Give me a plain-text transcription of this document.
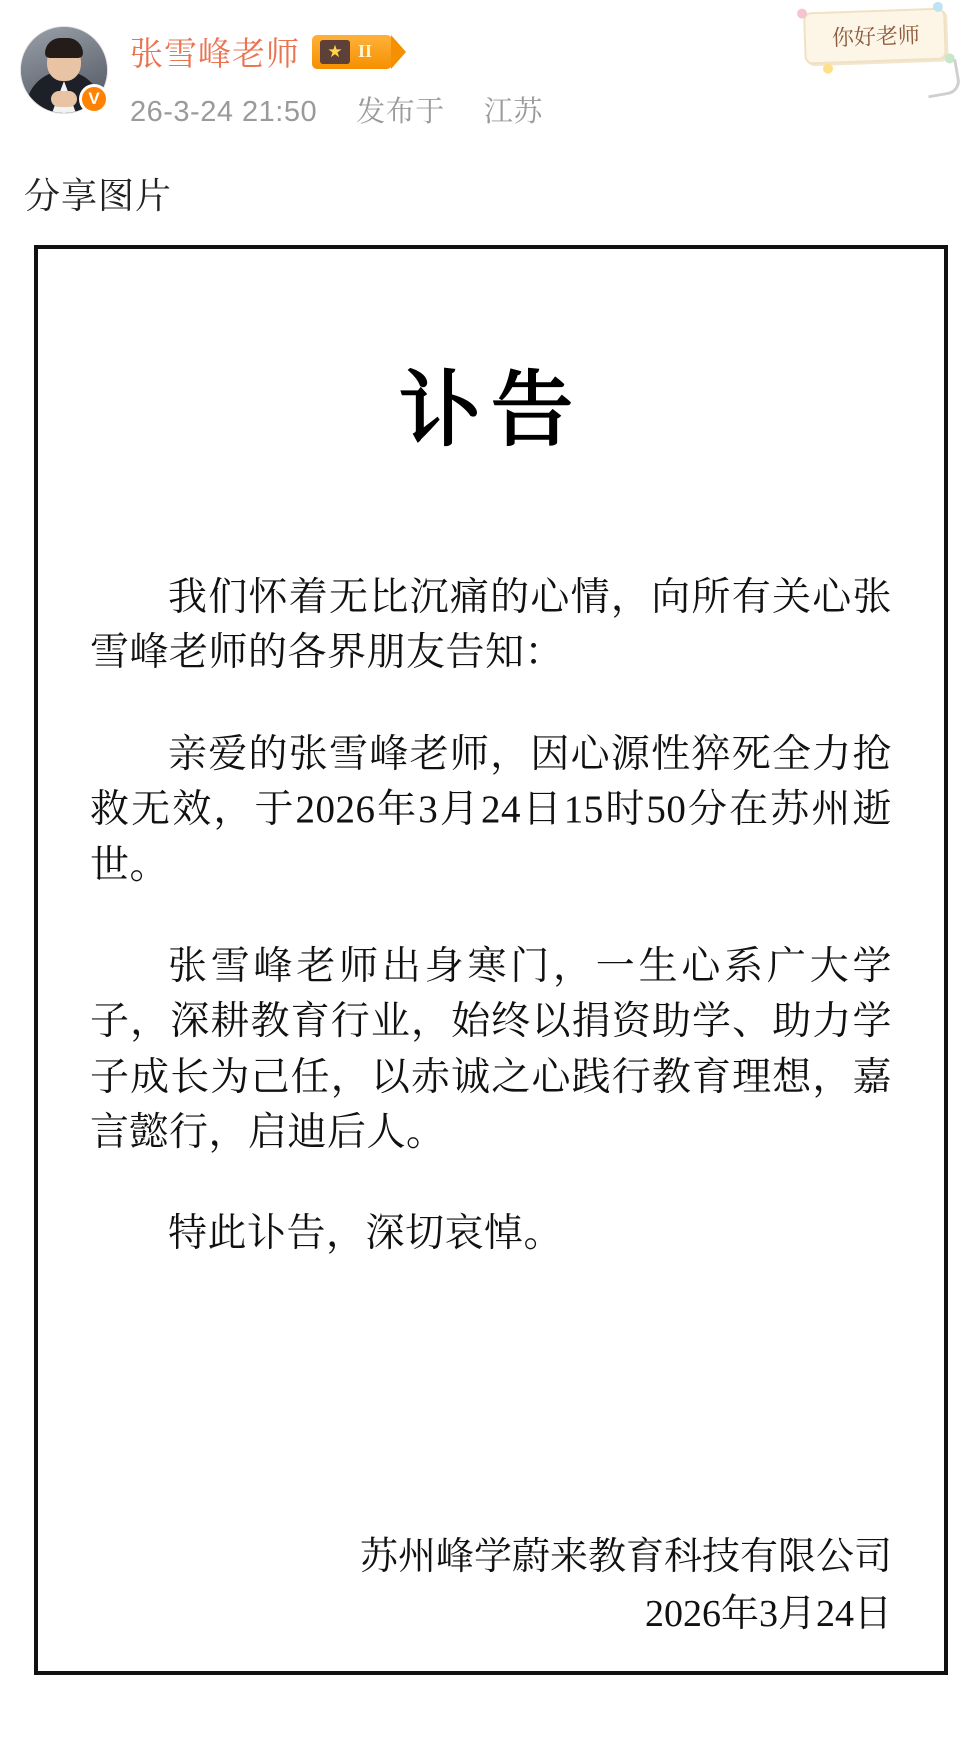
V
张雪峰老师	★ II
26-3-24 21:50 发布于 江苏
你好老师
分享图片
讣告

我们怀着无比沉痛的心情，向所有关心张雪峰老师的各界朋友告知：

亲爱的张雪峰老师，因心源性猝死全力抢救无效，于2026年3月24日15时50分在苏州逝世。

张雪峰老师出身寒门，一生心系广大学子，深耕教育行业，始终以捐资助学、助力学子成长为己任，以赤诚之心践行教育理想，嘉言懿行，启迪后人。

特此讣告，深切哀悼。

苏州峰学蔚来教育科技有限公司
2026年3月24日
